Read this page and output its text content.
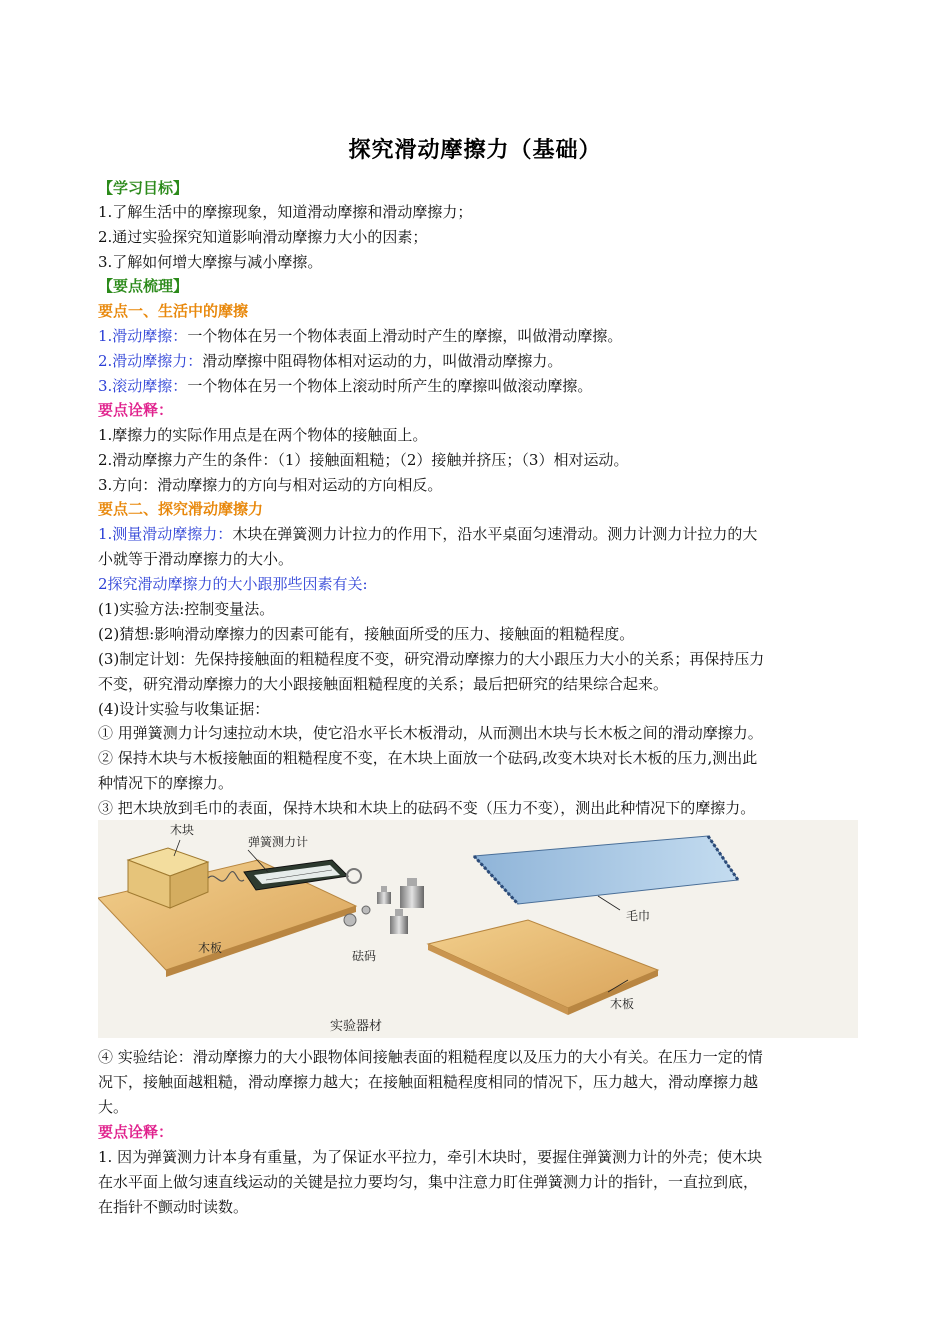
探究滑动摩擦力（基础）
【学习目标】
1.了解生活中的摩擦现象，知道滑动摩擦和滑动摩擦力；
2.通过实验探究知道影响滑动摩擦力大小的因素；
3.了解如何增大摩擦与减小摩擦。
【要点梳理】
要点一、生活中的摩擦
1.滑动摩擦：一个物体在另一个物体表面上滑动时产生的摩擦，叫做滑动摩擦。
2.滑动摩擦力：滑动摩擦中阻碍物体相对运动的力，叫做滑动摩擦力。
3.滚动摩擦：一个物体在另一个物体上滚动时所产生的摩擦叫做滚动摩擦。
要点诠释：
1.摩擦力的实际作用点是在两个物体的接触面上。
2.滑动摩擦力产生的条件：（1）接触面粗糙；（2）接触并挤压；（3）相对运动。
3.方向：滑动摩擦力的方向与相对运动的方向相反。
要点二、探究滑动摩擦力
1.测量滑动摩擦力：木块在弹簧测力计拉力的作用下，沿水平桌面匀速滑动。测力计测力计拉力的大
小就等于滑动摩擦力的大小。
2探究滑动摩擦力的大小跟那些因素有关:
(1)实验方法:控制变量法。
(2)猜想:影响滑动摩擦力的因素可能有，接触面所受的压力、接触面的粗糙程度。
(3)制定计划：先保持接触面的粗糙程度不变，研究滑动摩擦力的大小跟压力大小的关系；再保持压力
不变，研究滑动摩擦力的大小跟接触面粗糙程度的关系；最后把研究的结果综合起来。
(4)设计实验与收集证据：
① 用弹簧测力计匀速拉动木块，使它沿水平长木板滑动，从而测出木块与长木板之间的滑动摩擦力。
② 保持木块与木板接触面的粗糙程度不变，在木块上面放一个砝码,改变木块对长木板的压力,测出此
种情况下的摩擦力。
③ 把木块放到毛巾的表面，保持木块和木块上的砝码不变（压力不变），测出此种情况下的摩擦力。
木块
弹簧测力计
毛巾
木板
砝码
木板
实验器材
④ 实验结论：滑动摩擦力的大小跟物体间接触表面的粗糙程度以及压力的大小有关。在压力一定的情
况下，接触面越粗糙，滑动摩擦力越大；在接触面粗糙程度相同的情况下，压力越大，滑动摩擦力越
大。
要点诠释：
1. 因为弹簧测力计本身有重量，为了保证水平拉力，牵引木块时，要握住弹簧测力计的外壳；使木块
在水平面上做匀速直线运动的关键是拉力要均匀，集中注意力盯住弹簧测力计的指针，一直拉到底，
在指针不颤动时读数。
